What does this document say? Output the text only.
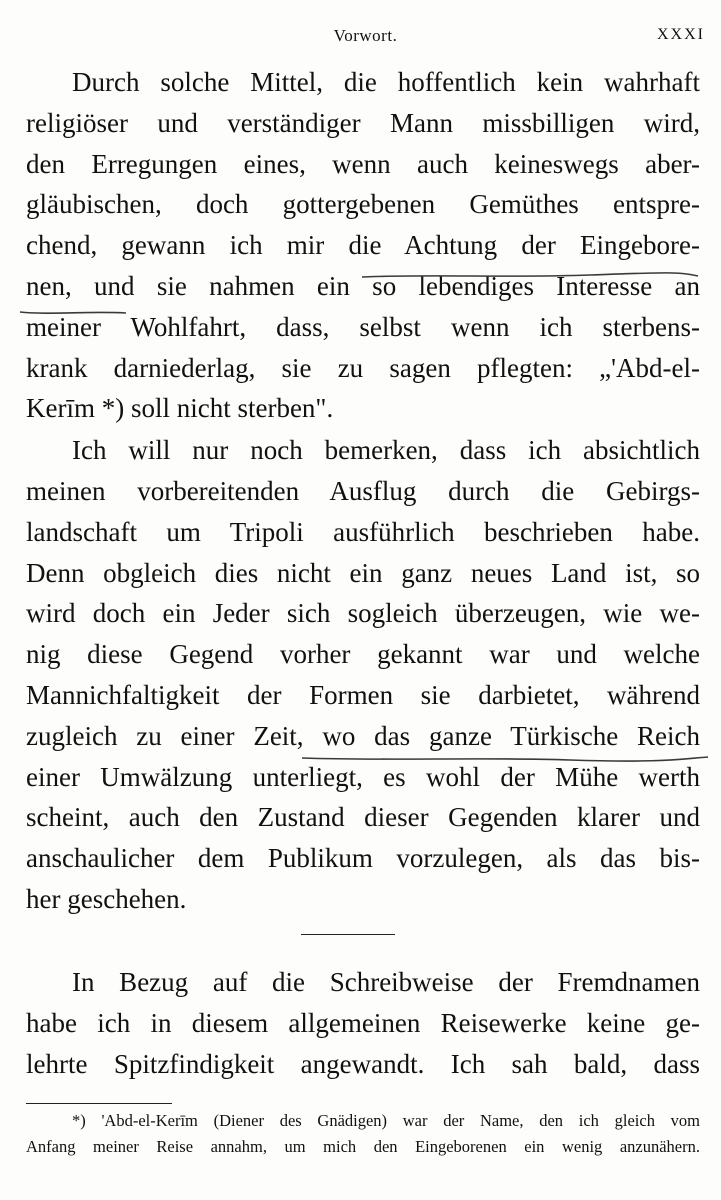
Vorwort.	XXXI
Durch solche Mittel, die hoffentlich kein wahrhaft
religiöser und verständiger Mann missbilligen wird,
den Erregungen eines, wenn auch keineswegs aber-
gläubischen, doch gottergebenen Gemüthes entspre-
chend, gewann ich mir die Achtung der Eingebore-
nen, und sie nahmen ein so lebendiges Interesse an
meiner Wohlfahrt, dass, selbst wenn ich sterbens-
krank darniederlag, sie zu sagen pflegten: „'Abd-el-
Kerīm *) soll nicht sterben".
Ich will nur noch bemerken, dass ich absichtlich
meinen vorbereitenden Ausflug durch die Gebirgs-
landschaft um Tripoli ausführlich beschrieben habe.
Denn obgleich dies nicht ein ganz neues Land ist, so
wird doch ein Jeder sich sogleich überzeugen, wie we-
nig diese Gegend vorher gekannt war und welche
Mannichfaltigkeit der Formen sie darbietet, während
zugleich zu einer Zeit, wo das ganze Türkische Reich
einer Umwälzung unterliegt, es wohl der Mühe werth
scheint, auch den Zustand dieser Gegenden klarer und
anschaulicher dem Publikum vorzulegen, als das bis-
her geschehen.
In Bezug auf die Schreibweise der Fremdnamen
habe ich in diesem allgemeinen Reisewerke keine ge-
lehrte Spitzfindigkeit angewandt. Ich sah bald, dass
*) 'Abd-el-Kerīm (Diener des Gnädigen) war der Name, den ich gleich vom
Anfang meiner Reise annahm, um mich den Eingeborenen ein wenig anzunähern.
